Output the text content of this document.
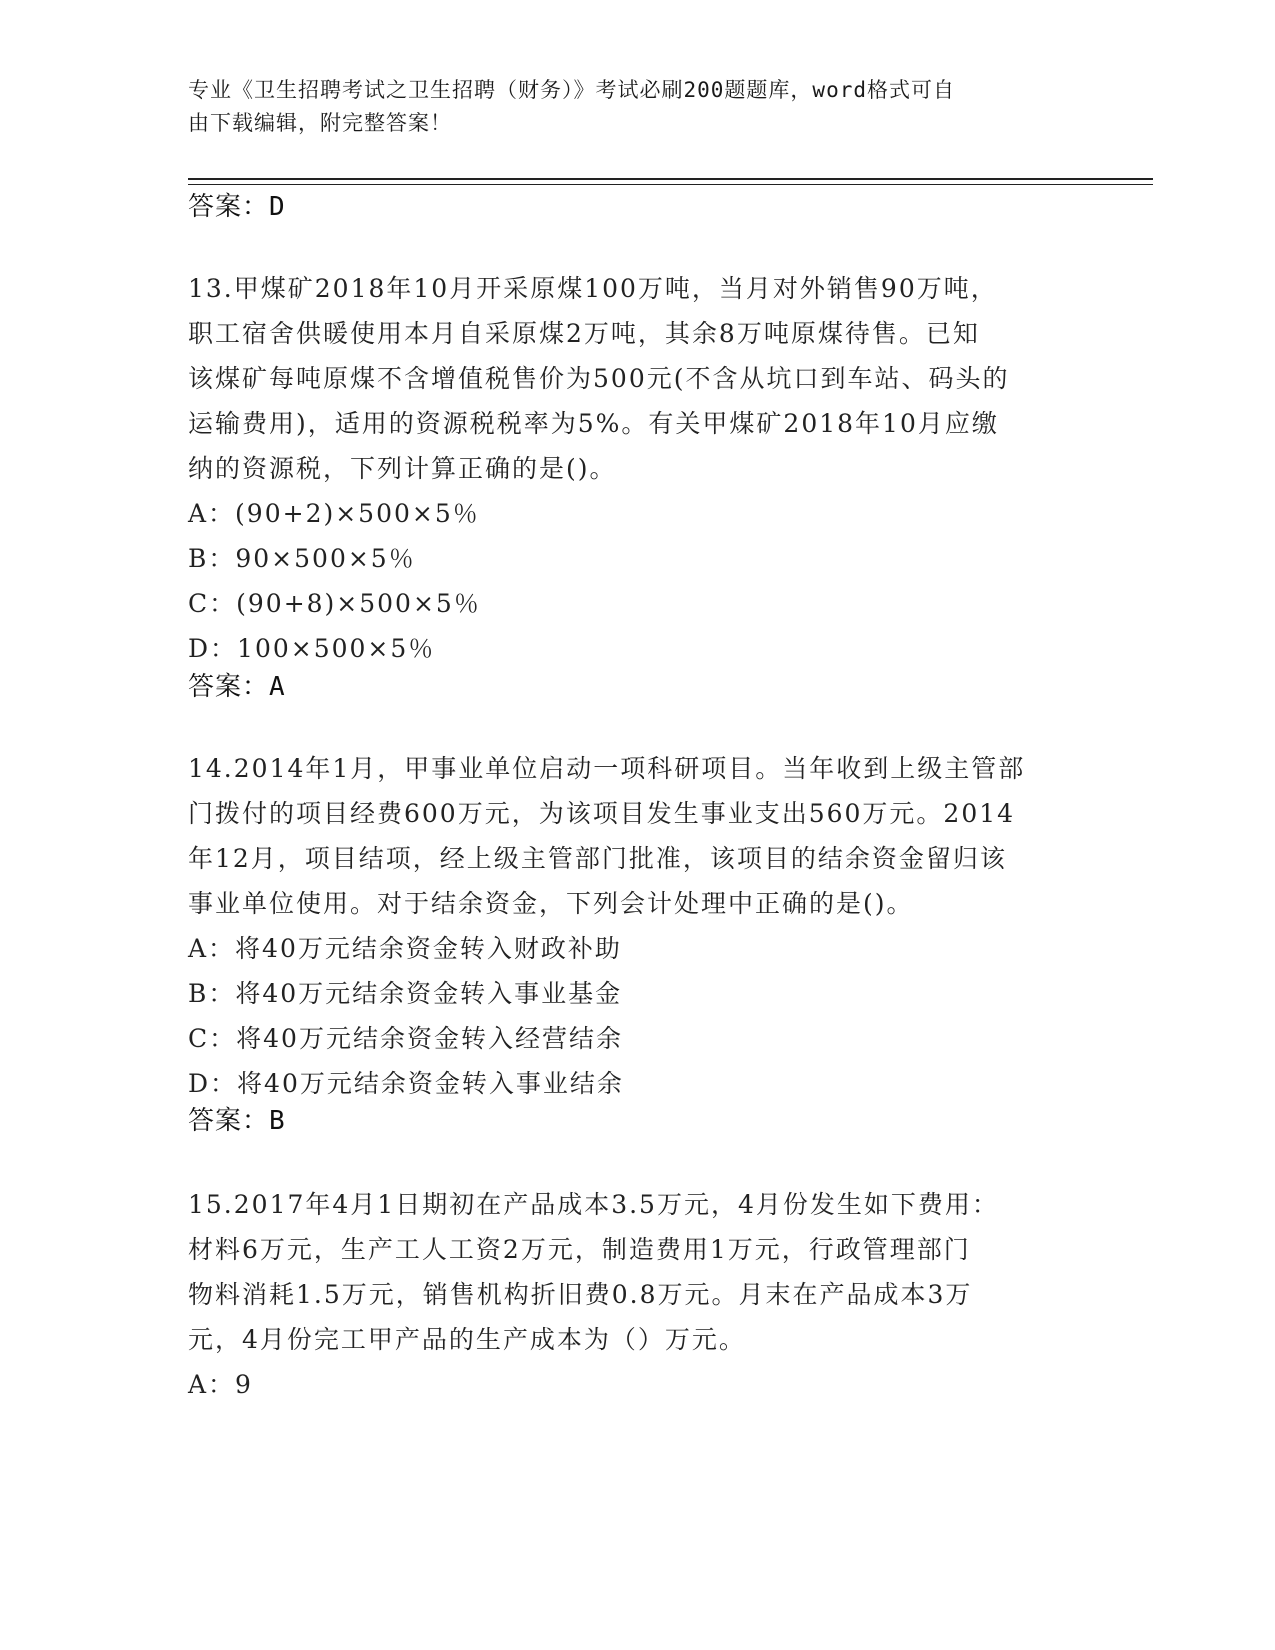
专业《卫生招聘考试之卫生招聘（财务）》考试必刷200题题库，word格式可自
由下载编辑，附完整答案！
答案：D

13.甲煤矿2018年10月开采原煤100万吨，当月对外销售90万吨，

职工宿舍供暖使用本月自采原煤2万吨，其余8万吨原煤待售。已知

该煤矿每吨原煤不含增值税售价为500元(不含从坑口到车站、码头的

运输费用)，适用的资源税税率为5%。有关甲煤矿2018年10月应缴

纳的资源税，下列计算正确的是()。

A：(90+2)×500×5％

B：90×500×5％

C：(90+8)×500×5％

D：100×500×5％

答案：A

14.2014年1月，甲事业单位启动一项科研项目。当年收到上级主管部

门拨付的项目经费600万元，为该项目发生事业支出560万元。2014

年12月，项目结项，经上级主管部门批准，该项目的结余资金留归该

事业单位使用。对于结余资金，下列会计处理中正确的是()。

A：将40万元结余资金转入财政补助

B：将40万元结余资金转入事业基金

C：将40万元结余资金转入经营结余

D：将40万元结余资金转入事业结余

答案：B

15.2017年4月1日期初在产品成本3.5万元，4月份发生如下费用：

材料6万元，生产工人工资2万元，制造费用1万元，行政管理部门

物料消耗1.5万元，销售机构折旧费0.8万元。月末在产品成本3万

元，4月份完工甲产品的生产成本为（）万元。

A：9
